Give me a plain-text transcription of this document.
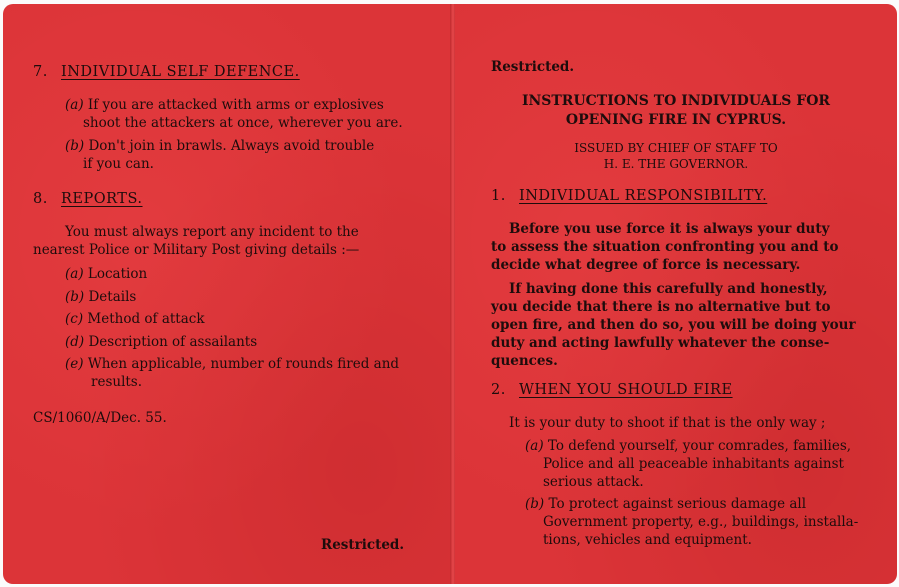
7. INDIVIDUAL SELF DEFENCE.
(a) If you are attacked with arms or explosives
shoot the attackers at once, wherever you are.
(b) Don't join in brawls. Always avoid trouble
if you can.
8. REPORTS.
You must always report any incident to the
nearest Police or Military Post giving details :—
(a) Location
(b) Details
(c) Method of attack
(d) Description of assailants
(e) When applicable, number of rounds fired and
results.
CS/1060/A/Dec. 55.
Restricted.
Restricted.
INSTRUCTIONS TO INDIVIDUALS FOR
OPENING FIRE IN CYPRUS.
ISSUED BY CHIEF OF STAFF TO
H. E. THE GOVERNOR.
1. INDIVIDUAL RESPONSIBILITY.
Before you use force it is always your duty
to assess the situation confronting you and to
decide what degree of force is necessary.
If having done this carefully and honestly,
you decide that there is no alternative but to
open fire, and then do so, you will be doing your
duty and acting lawfully whatever the conse-
quences.
2. WHEN YOU SHOULD FIRE
It is your duty to shoot if that is the only way ;
(a) To defend yourself, your comrades, families,
Police and all peaceable inhabitants against
serious attack.
(b) To protect against serious damage all
Government property, e.g., buildings, installa-
tions, vehicles and equipment.
